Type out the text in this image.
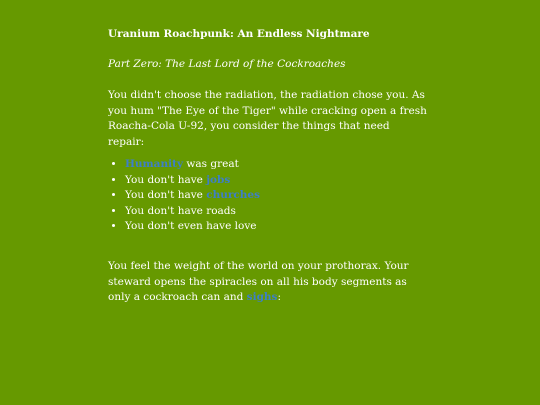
Uranium Roachpunk: An Endless Nightmare

Part Zero: The Last Lord of the Cockroaches

You didn't choose the radiation, the radiation chose you. As you hum "The Eye of the Tiger" while cracking open a fresh Roacha-Cola U-92, you consider the things that need repair:

• Humanity was great
• You don't have jobs
• You don't have churches
• You don't have roads
• You don't even have love

You feel the weight of the world on your prothorax. Your steward opens the spiracles on all his body segments as only a cockroach can and sighs:
